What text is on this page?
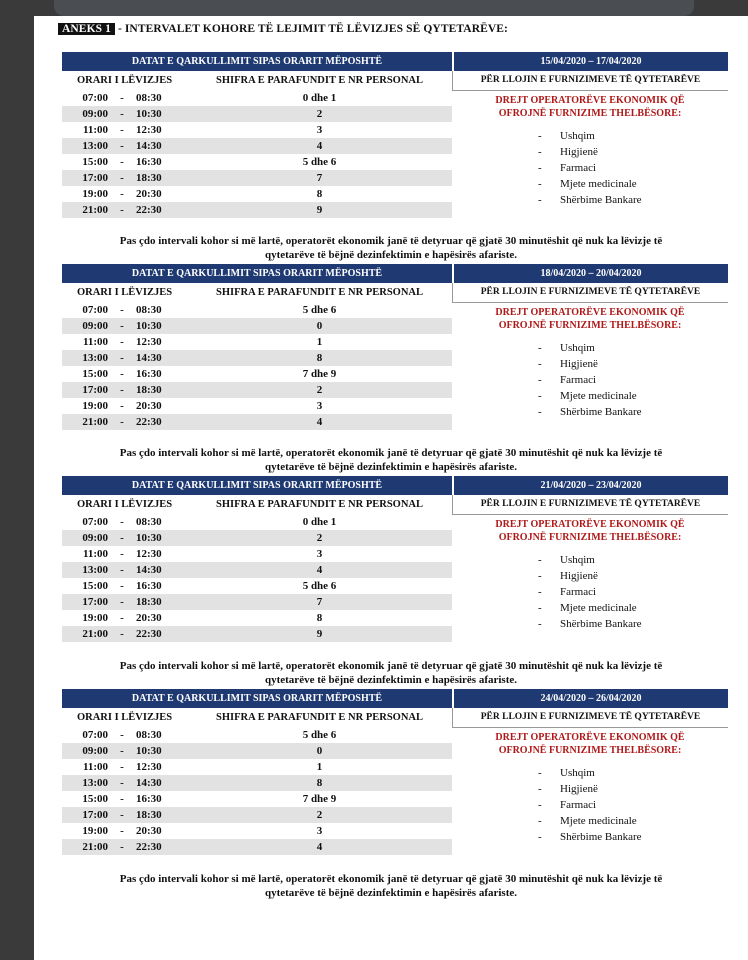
ANEKS 1 - INTERVALET KOHORE TË LEJIMIT TË LËVIZJES SË QYTETARËVE:
DATAT E QARKULLIMIT SIPAS ORARIT MËPOSHTË	15/04/2020 – 17/04/2020
ORARI I LËVIZJES	SHIFRA E PARAFUNDIT E NR PERSONAL	PËR LLOJIN E FURNIZIMEVE TË QYTETARËVE
07:00	-	08:30	0 dhe 1
09:00	-	10:30	2
11:00	-	12:30	3
13:00	-	14:30	4
15:00	-	16:30	5 dhe 6
17:00	-	18:30	7
19:00	-	20:30	8
21:00	-	22:30	9
DREJT OPERATORËVE EKONOMIK QË
OFROJNË FURNIZIME THELBËSORE:
- Ushqim
- Higjienë
- Farmaci
- Mjete medicinale
- Shërbime Bankare
Pas çdo intervali kohor si më lartë, operatorët ekonomik janë të detyruar që gjatë 30 minutëshit që nuk ka lëvizje të
qytetarëve të bëjnë dezinfektimin e hapësirës afariste.
DATAT E QARKULLIMIT SIPAS ORARIT MËPOSHTË	18/04/2020 – 20/04/2020
ORARI I LËVIZJES	SHIFRA E PARAFUNDIT E NR PERSONAL	PËR LLOJIN E FURNIZIMEVE TË QYTETARËVE
07:00	-	08:30	5 dhe 6
09:00	-	10:30	0
11:00	-	12:30	1
13:00	-	14:30	8
15:00	-	16:30	7 dhe 9
17:00	-	18:30	2
19:00	-	20:30	3
21:00	-	22:30	4
DREJT OPERATORËVE EKONOMIK QË
OFROJNË FURNIZIME THELBËSORE:
- Ushqim
- Higjienë
- Farmaci
- Mjete medicinale
- Shërbime Bankare
Pas çdo intervali kohor si më lartë, operatorët ekonomik janë të detyruar që gjatë 30 minutëshit që nuk ka lëvizje të
qytetarëve të bëjnë dezinfektimin e hapësirës afariste.
DATAT E QARKULLIMIT SIPAS ORARIT MËPOSHTË	21/04/2020 – 23/04/2020
ORARI I LËVIZJES	SHIFRA E PARAFUNDIT E NR PERSONAL	PËR LLOJIN E FURNIZIMEVE TË QYTETARËVE
07:00	-	08:30	0 dhe 1
09:00	-	10:30	2
11:00	-	12:30	3
13:00	-	14:30	4
15:00	-	16:30	5 dhe 6
17:00	-	18:30	7
19:00	-	20:30	8
21:00	-	22:30	9
DREJT OPERATORËVE EKONOMIK QË
OFROJNË FURNIZIME THELBËSORE:
- Ushqim
- Higjienë
- Farmaci
- Mjete medicinale
- Shërbime Bankare
Pas çdo intervali kohor si më lartë, operatorët ekonomik janë të detyruar që gjatë 30 minutëshit që nuk ka lëvizje të
qytetarëve të bëjnë dezinfektimin e hapësirës afariste.
DATAT E QARKULLIMIT SIPAS ORARIT MËPOSHTË	24/04/2020 – 26/04/2020
ORARI I LËVIZJES	SHIFRA E PARAFUNDIT E NR PERSONAL	PËR LLOJIN E FURNIZIMEVE TË QYTETARËVE
07:00	-	08:30	5 dhe 6
09:00	-	10:30	0
11:00	-	12:30	1
13:00	-	14:30	8
15:00	-	16:30	7 dhe 9
17:00	-	18:30	2
19:00	-	20:30	3
21:00	-	22:30	4
DREJT OPERATORËVE EKONOMIK QË
OFROJNË FURNIZIME THELBËSORE:
- Ushqim
- Higjienë
- Farmaci
- Mjete medicinale
- Shërbime Bankare
Pas çdo intervali kohor si më lartë, operatorët ekonomik janë të detyruar që gjatë 30 minutëshit që nuk ka lëvizje të
qytetarëve të bëjnë dezinfektimin e hapësirës afariste.
